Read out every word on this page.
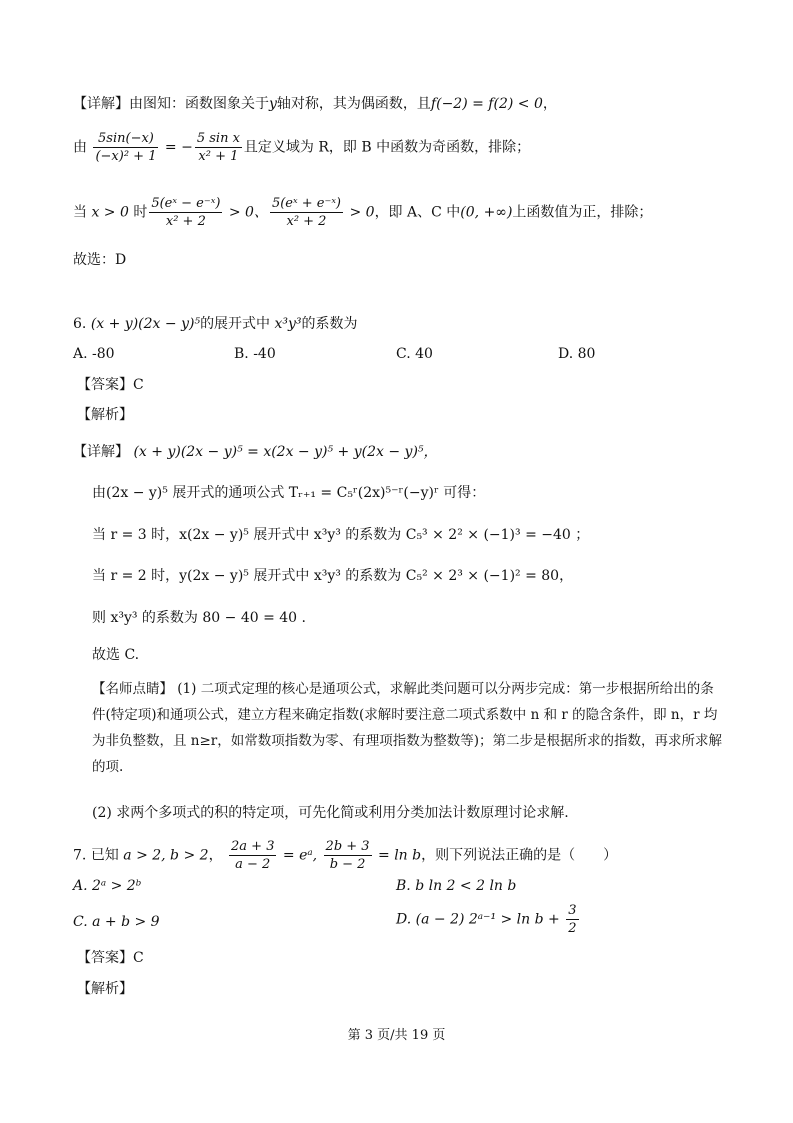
【详解】由图知：函数图象关于y轴对称，其为偶函数，且f(−2) = f(2) < 0，
由 $\frac{5\sin(-x)}{\text{(−x)² + 1}}$ = − $\frac{\text{5 sin x}}{\text{x² + 1}}$ 且定义域为 R，即 B 中函数为奇函数，排除；
当 x > 0 时 $\frac{\text{5(eˣ − e⁻ˣ)}}{\text{x² + 2}} > 0$、 $\frac{\text{5(eˣ + e⁻ˣ)}}{\text{x² + 2}} > 0$，即 A、C 中(0, +∞)上函数值为正，排除；
故选：D
6. (x + y)(2x − y)⁵的展开式中 x³y³的系数为
A. -80	B. -40	C. 40	D. 80
【答案】C
【解析】
【详解】 (x + y)(2x − y)⁵ = x(2x − y)⁵ + y(2x − y)⁵，
由(2x − y)⁵ 展开式的通项公式 Tᵣ₊₁ = C₅ʳ(2x)⁵⁻ʳ(−y)ʳ 可得：
当 r = 3 时，x(2x − y)⁵ 展开式中 x³y³ 的系数为 C₅³ × 2² × (−1)³ = −40 ；
当 r = 2 时，y(2x − y)⁵ 展开式中 x³y³ 的系数为 C₅² × 2³ × (−1)² = 80，
则 x³y³ 的系数为 80 − 40 = 40 .
故选 C.
【名师点睛】 (1) 二项式定理的核心是通项公式，求解此类问题可以分两步完成：第一步根据所给出的条件(特定项)和通项公式，建立方程来确定指数(求解时要注意二项式系数中 n 和 r 的隐含条件，即 n，r 均为非负整数，且 n≥r，如常数项指数为零、有理项指数为整数等)；第二步是根据所求的指数，再求所求解的项.
(2) 求两个多项式的积的特定项，可先化简或利用分类加法计数原理讨论求解.
7. 已知 a > 2, b > 2， $\frac{2a + 3}{a - 2}$ = eᵃ, $\frac{2b + 3}{b - 2} = \ln b$，则下列说法正确的是（　　）
A. 2ᵃ > 2ᵇ	B. b ln 2 < 2 ln b
C. a + b > 9	D. (a − 2) 2ᵃ⁻¹ > $\ln b + \frac{3}{2}$
【答案】C
【解析】
第 3 页/共 19 页
